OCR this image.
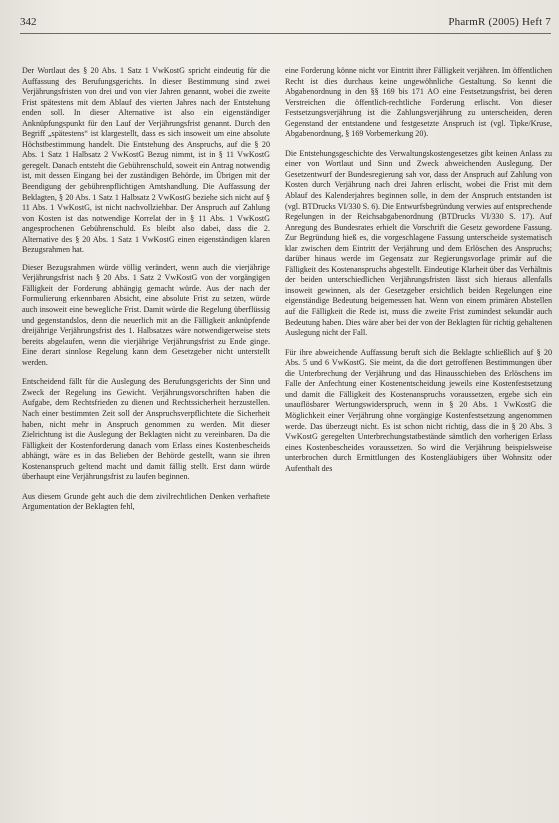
342	PharmR (2005) Heft 7

Der Wortlaut des § 20 Abs. 1 Satz 1 VwKostG spricht eindeutig für die Auffassung des Berufungsgerichts. In dieser Bestimmung sind zwei Verjährungsfristen von drei und von vier Jahren genannt, wobei die zweite Frist spätestens mit dem Ablauf des vierten Jahres nach der Entstehung enden soll. In dieser Alternative ist also ein eigenständiger Anknüpfungspunkt für den Lauf der Verjährungsfrist genannt. Durch den Begriff „spätestens“ ist klargestellt, dass es sich insoweit um eine absolute Höchstbestimmung handelt. Die Entstehung des Anspruchs, auf die § 20 Abs. 1 Satz 1 Halbsatz 2 VwKostG Bezug nimmt, ist in § 11 VwKostG geregelt. Danach entsteht die Gebührenschuld, soweit ein Antrag notwendig ist, mit dessen Eingang bei der zuständigen Behörde, im Übrigen mit der Beendigung der gebührenpflichtigen Amtshandlung. Die Auffassung der Beklagten, § 20 Abs. 1 Satz 1 Halbsatz 2 VwKostG beziehe sich nicht auf § 11 Abs. 1 VwKostG, ist nicht nachvollziehbar. Der Anspruch auf Zahlung von Kosten ist das notwendige Korrelat der in § 11 Abs. 1 VwKostG angesprochenen Gebührenschuld. Es bleibt also dabei, dass die 2. Alternative des § 20 Abs. 1 Satz 1 VwKostG einen eigenständigen klaren Bezugsrahmen hat.

Dieser Bezugsrahmen würde völlig verändert, wenn auch die vierjährige Verjährungsfrist nach § 20 Abs. 1 Satz 2 VwKostG von der vorgängigen Fälligkeit der Forderung abhängig gemacht würde. Aus der nach der Formulierung erkennbaren Absicht, eine absolute Frist zu setzen, würde auch insoweit eine bewegliche Frist. Damit würde die Regelung überflüssig und gegenstandslos, denn die neuerlich mit an die Fälligkeit anknüpfende dreijährige Verjährungsfrist des 1. Halbsatzes wäre notwendigerweise stets bereits abgelaufen, wenn die vierjährige Verjährungsfrist zu Ende ginge. Eine derart sinnlose Regelung kann dem Gesetzgeber nicht unterstellt werden.

Entscheidend fällt für die Auslegung des Berufungsgerichts der Sinn und Zweck der Regelung ins Gewicht. Verjährungsvorschriften haben die Aufgabe, dem Rechtsfrieden zu dienen und Rechtssicherheit herzustellen. Nach einer bestimmten Zeit soll der Anspruchsverpflichtete die Sicherheit haben, nicht mehr in Anspruch genommen zu werden. Mit dieser Zielrichtung ist die Auslegung der Beklagten nicht zu vereinbaren. Da die Fälligkeit der Kostenforderung danach vom Erlass eines Kostenbescheids abhängt, wäre es in das Belieben der Behörde gestellt, wann sie ihren Kostenanspruch geltend macht und damit fällig stellt. Erst dann würde überhaupt eine Verjährungsfrist zu laufen beginnen.

Aus diesem Grunde geht auch die dem zivilrechtlichen Denken verhaftete Argumentation der Beklagten fehl,

eine Forderung könne nicht vor Eintritt ihrer Fälligkeit verjähren. Im öffentlichen Recht ist dies durchaus keine ungewöhnliche Gestaltung. So kennt die Abgabenordnung in den §§ 169 bis 171 AO eine Festsetzungsfrist, bei deren Verstreichen die öffentlich-rechtliche Forderung erlischt. Von dieser Festsetzungsverjährung ist die Zahlungsverjährung zu unterscheiden, deren Gegenstand der entstandene und festgesetzte Anspruch ist (vgl. Tipke/Kruse, Abgabenordnung, § 169 Vorbemerkung 20).

Die Entstehungsgeschichte des Verwaltungskostengesetzes gibt keinen Anlass zu einer von Wortlaut und Sinn und Zweck abweichenden Auslegung. Der Gesetzentwurf der Bundesregierung sah vor, dass der Anspruch auf Zahlung von Kosten durch Verjährung nach drei Jahren erlischt, wobei die Frist mit dem Ablauf des Kalenderjahres beginnen solle, in dem der Anspruch entstanden ist (vgl. BTDrucks VI/330 S. 6). Die Entwurfsbegründung verwies auf entsprechende Regelungen in der Reichsabgabenordnung (BTDrucks VI/330 S. 17). Auf Anregung des Bundesrates erhielt die Vorschrift die Gesetz gewordene Fassung. Zur Begründung hieß es, die vorgeschlagene Fassung unterscheide systematisch klar zwischen dem Eintritt der Verjährung und dem Erlöschen des Anspruchs; darüber hinaus werde im Gegensatz zur Regierungsvorlage primär auf die Fälligkeit des Kostenanspruchs abgestellt. Eindeutige Klarheit über das Verhältnis der beiden unterschiedlichen Verjährungsfristen lässt sich hieraus allenfalls insoweit gewinnen, als der Gesetzgeber ersichtlich beiden Regelungen eine eigenständige Bedeutung beigemessen hat. Wenn von einem primären Abstellen auf die Fälligkeit die Rede ist, muss die zweite Frist zumindest sekundär auch Bedeutung haben. Dies wäre aber bei der von der Beklagten für richtig gehaltenen Auslegung nicht der Fall.

Für ihre abweichende Auffassung beruft sich die Beklagte schließlich auf § 20 Abs. 5 und 6 VwKostG. Sie meint, da die dort getroffenen Bestimmungen über die Unterbrechung der Verjährung und das Hinausschieben des Erlöschens im Falle der Anfechtung einer Kostenentscheidung jeweils eine Kostenfestsetzung und damit die Fälligkeit des Kostenanspruchs voraussetzen, ergebe sich ein unauflösbarer Wertungswiderspruch, wenn in § 20 Abs. 1 VwKostG die Möglichkeit einer Verjährung ohne vorgängige Kostenfestsetzung angenommen werde. Das überzeugt nicht. Es ist schon nicht richtig, dass die in § 20 Abs. 3 VwKostG geregelten Unterbrechungstatbestände sämtlich den vorherigen Erlass eines Kostenbescheides voraussetzen. So wird die Verjährung beispielsweise unterbrochen durch Ermittlungen des Kostengläubigers über Wohnsitz oder Aufenthalt des
